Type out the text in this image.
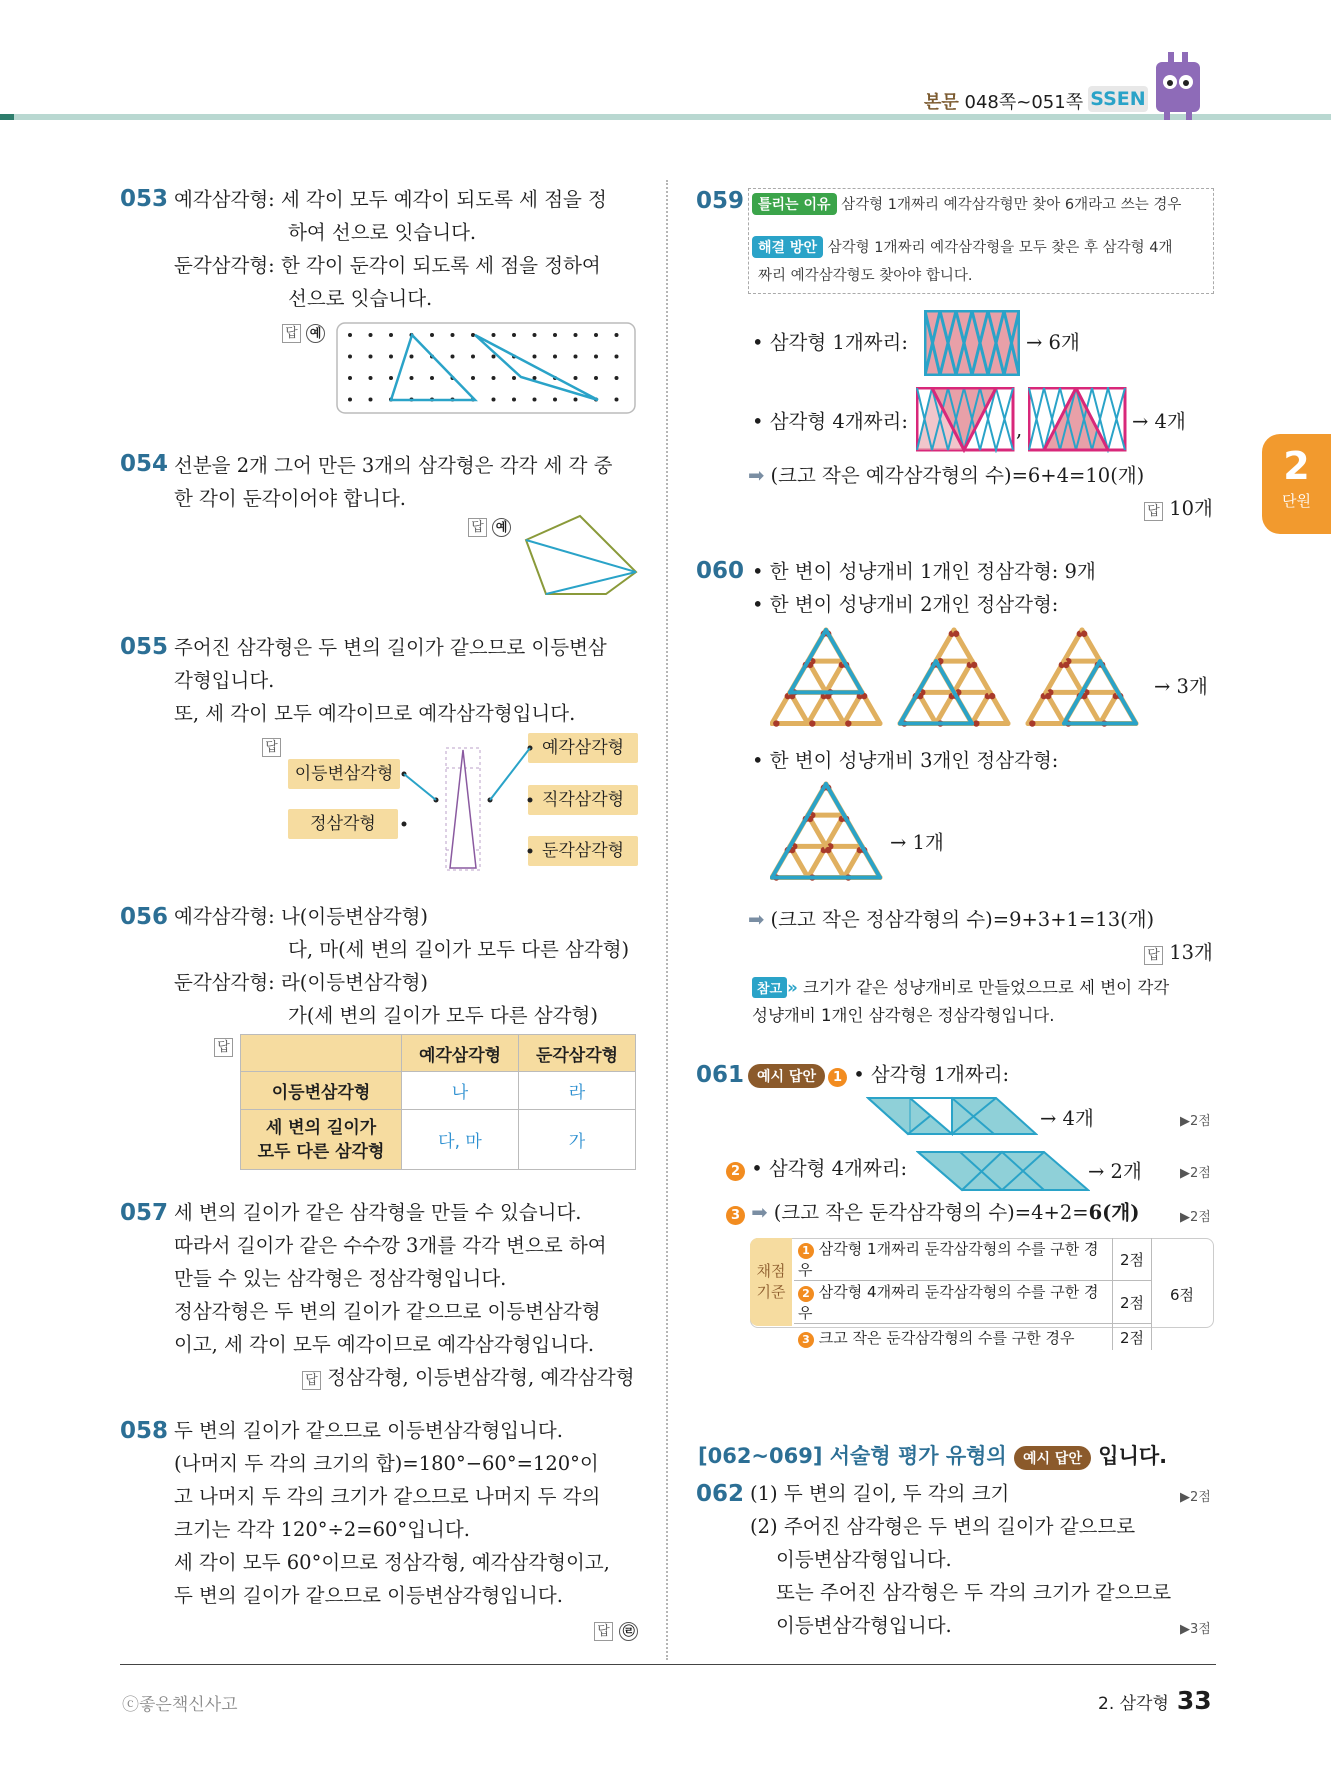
본문 048쪽~051쪽 SSEN
2
단원
053 예각삼각형: 세 각이 모두 예각이 되도록 세 점을 정
하여 선으로 잇습니다.
둔각삼각형: 한 각이 둔각이 되도록 세 점을 정하여
선으로 잇습니다.
답 예
054 선분을 2개 그어 만든 3개의 삼각형은 각각 세 각 중
한 각이 둔각이어야 합니다.
답 예
055 주어진 삼각형은 두 변의 길이가 같으므로 이등변삼
각형입니다.
또, 세 각이 모두 예각이므로 예각삼각형입니다.
답
이등변삼각형
정삼각형
예각삼각형
직각삼각형
둔각삼각형
056 예각삼각형: 나(이등변삼각형)
다, 마(세 변의 길이가 모두 다른 삼각형)
둔각삼각형: 라(이등변삼각형)
가(세 변의 길이가 모두 다른 삼각형)
답
		예각삼각형	둔각삼각형
이등변삼각형	나	라

세 변의 길이가
모두 다른 삼각형	다, 마	가
057 세 변의 길이가 같은 삼각형을 만들 수 있습니다.
따라서 길이가 같은 수수깡 3개를 각각 변으로 하여
만들 수 있는 삼각형은 정삼각형입니다.
정삼각형은 두 변의 길이가 같으므로 이등변삼각형
이고, 세 각이 모두 예각이므로 예각삼각형입니다.
답 정삼각형, 이등변삼각형, 예각삼각형
058 두 변의 길이가 같으므로 이등변삼각형입니다.
(나머지 두 각의 크기의 합)=180°−60°=120°이
고 나머지 두 각의 크기가 같으므로 나머지 두 각의
크기는 각각 120°÷2=60°입니다.
세 각이 모두 60°이므로 정삼각형, 예각삼각형이고,
두 변의 길이가 같으므로 이등변삼각형입니다.
답 ㉣
059 틀리는 이유 삼각형 1개짜리 예각삼각형만 찾아 6개라고 쓰는 경우
해결 방안 삼각형 1개짜리 예각삼각형을 모두 찾은 후 삼각형 4개
짜리 예각삼각형도 찾아야 합니다.
• 삼각형 1개짜리:	→ 6개
• 삼각형 4개짜리:	,	→ 4개
➡ (크고 작은 예각삼각형의 수)=6+4=10(개)
답 10개
060 • 한 변이 성냥개비 1개인 정삼각형: 9개
• 한 변이 성냥개비 2개인 정삼각형:
→ 3개
• 한 변이 성냥개비 3개인 정삼각형:
→ 1개
➡ (크고 작은 정삼각형의 수)=9+3+1=13(개)
답 13개
참고 » 크기가 같은 성냥개비로 만들었으므로 세 변이 각각
성냥개비 1개인 삼각형은 정삼각형입니다.
061 예시 답안	1 • 삼각형 1개짜리:
→ 4개	▶2점
2 • 삼각형 4개짜리:	→ 2개	▶2점
3 ➡ (크고 작은 둔각삼각형의 수)=4+2=6(개)	▶2점
채점
기준
1 삼각형 1개짜리 둔각삼각형의 수를 구한 경우	2점	6점
2 삼각형 4개짜리 둔각삼각형의 수를 구한 경우	2점	
3 크고 작은 둔각삼각형의 수를 구한 경우	2점	
[062~069] 서술형 평가 유형의 예시 답안 입니다.
062 (1) 두 변의 길이, 두 각의 크기	▶2점
(2) 주어진 삼각형은 두 변의 길이가 같으므로
이등변삼각형입니다.
또는 주어진 삼각형은 두 각의 크기가 같으므로
이등변삼각형입니다.	▶3점
ⓒ좋은책신사고	2. 삼각형 33
